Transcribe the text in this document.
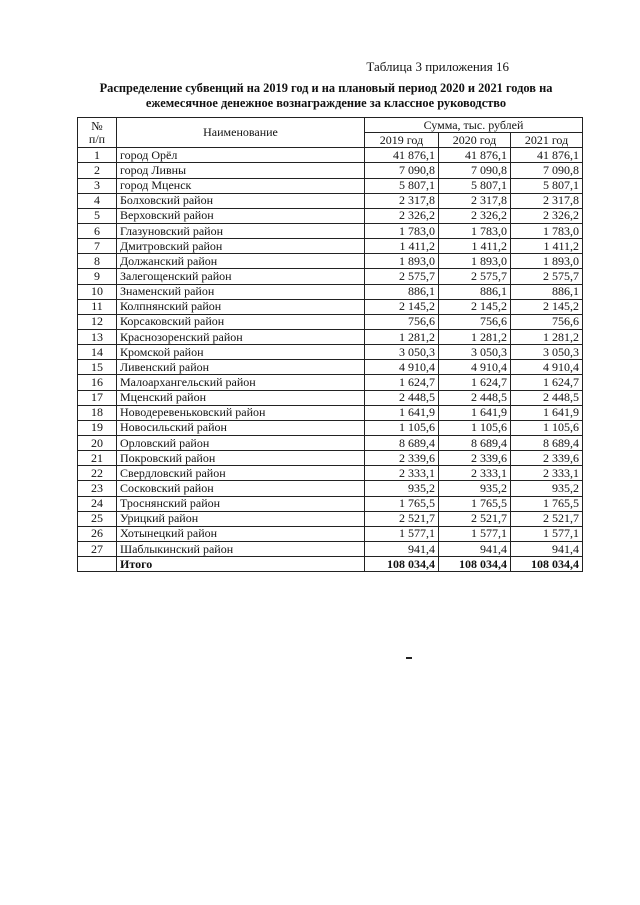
Таблица 3 приложения 16
Распределение субвенций на 2019 год и на плановый период 2020 и 2021 годов на
ежемесячное денежное вознаграждение за классное руководство
№
п/п	Наименование	Сумма, тыс. рублей		
		2019 год	2020 год	2021 год
1	город Орёл	41 876,1	41 876,1	41 876,1
2	город Ливны	7 090,8	7 090,8	7 090,8
3	город Мценск	5 807,1	5 807,1	5 807,1
4	Болховский район	2 317,8	2 317,8	2 317,8
5	Верховский район	2 326,2	2 326,2	2 326,2
6	Глазуновский район	1 783,0	1 783,0	1 783,0
7	Дмитровский район	1 411,2	1 411,2	1 411,2
8	Должанский район	1 893,0	1 893,0	1 893,0
9	Залегощенский район	2 575,7	2 575,7	2 575,7
10	Знаменский район	886,1	886,1	886,1
11	Колпнянский район	2 145,2	2 145,2	2 145,2
12	Корсаковский район	756,6	756,6	756,6
13	Краснозоренский район	1 281,2	1 281,2	1 281,2
14	Кромской район	3 050,3	3 050,3	3 050,3
15	Ливенский район	4 910,4	4 910,4	4 910,4
16	Малоархангельский район	1 624,7	1 624,7	1 624,7
17	Мценский район	2 448,5	2 448,5	2 448,5
18	Новодеревеньковский район	1 641,9	1 641,9	1 641,9
19	Новосильский район	1 105,6	1 105,6	1 105,6
20	Орловский район	8 689,4	8 689,4	8 689,4
21	Покровский район	2 339,6	2 339,6	2 339,6
22	Свердловский район	2 333,1	2 333,1	2 333,1
23	Сосковский район	935,2	935,2	935,2
24	Троснянский район	1 765,5	1 765,5	1 765,5
25	Урицкий район	2 521,7	2 521,7	2 521,7
26	Хотынецкий район	1 577,1	1 577,1	1 577,1
27	Шаблыкинский район	941,4	941,4	941,4
	Итого	108 034,4	108 034,4	108 034,4
